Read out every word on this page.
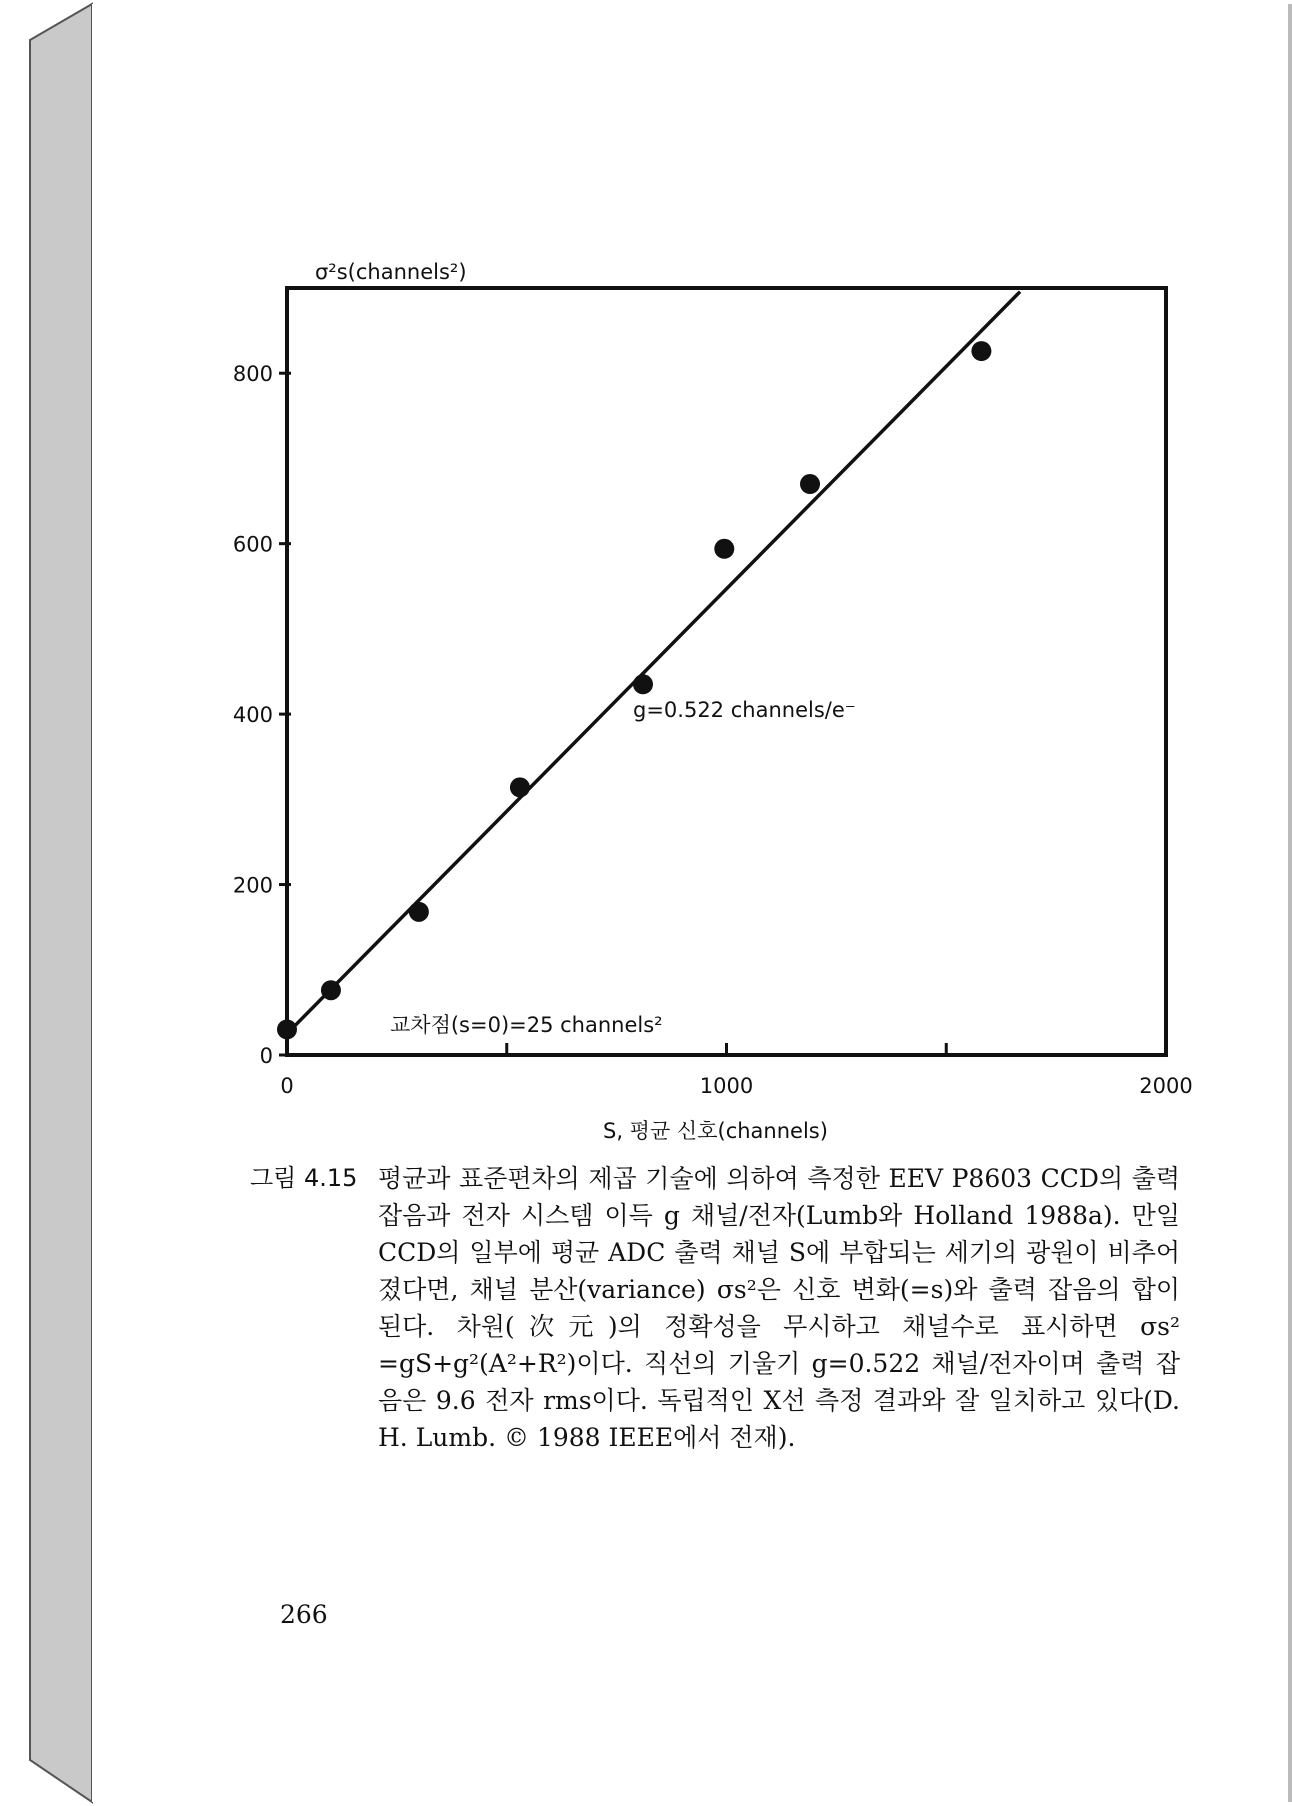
0	1000	2000
0
200
400
600
800
σ²s(channels²)
S, 평균 신호(channels)
g=0.522 channels/e⁻
교차점(s=0)=25 channels²
그림 4.15 평균과 표준편차의 제곱 기술에 의하여 측정한 EEV P8603 CCD의 출력 잡음과 전자 시스템 이득 g 채널/전자(Lumb와 Holland 1988a). 만일 CCD의 일부에 평균 ADC 출력 채널 S에 부합되는 세기의 광원이 비추어졌다면, 채널 분산(variance) σs²은 신호 변화(=s)와 출력 잡음의 합이 된다. 차원(次元)의 정확성을 무시하고 채널수로 표시하면 σs² =gS+g²(A²+R²)이다. 직선의 기울기 g=0.522 채널/전자이며 출력 잡음은 9.6 전자 rms이다. 독립적인 X선 측정 결과와 잘 일치하고 있다(D. H. Lumb. © 1988 IEEE에서 전재).
266
